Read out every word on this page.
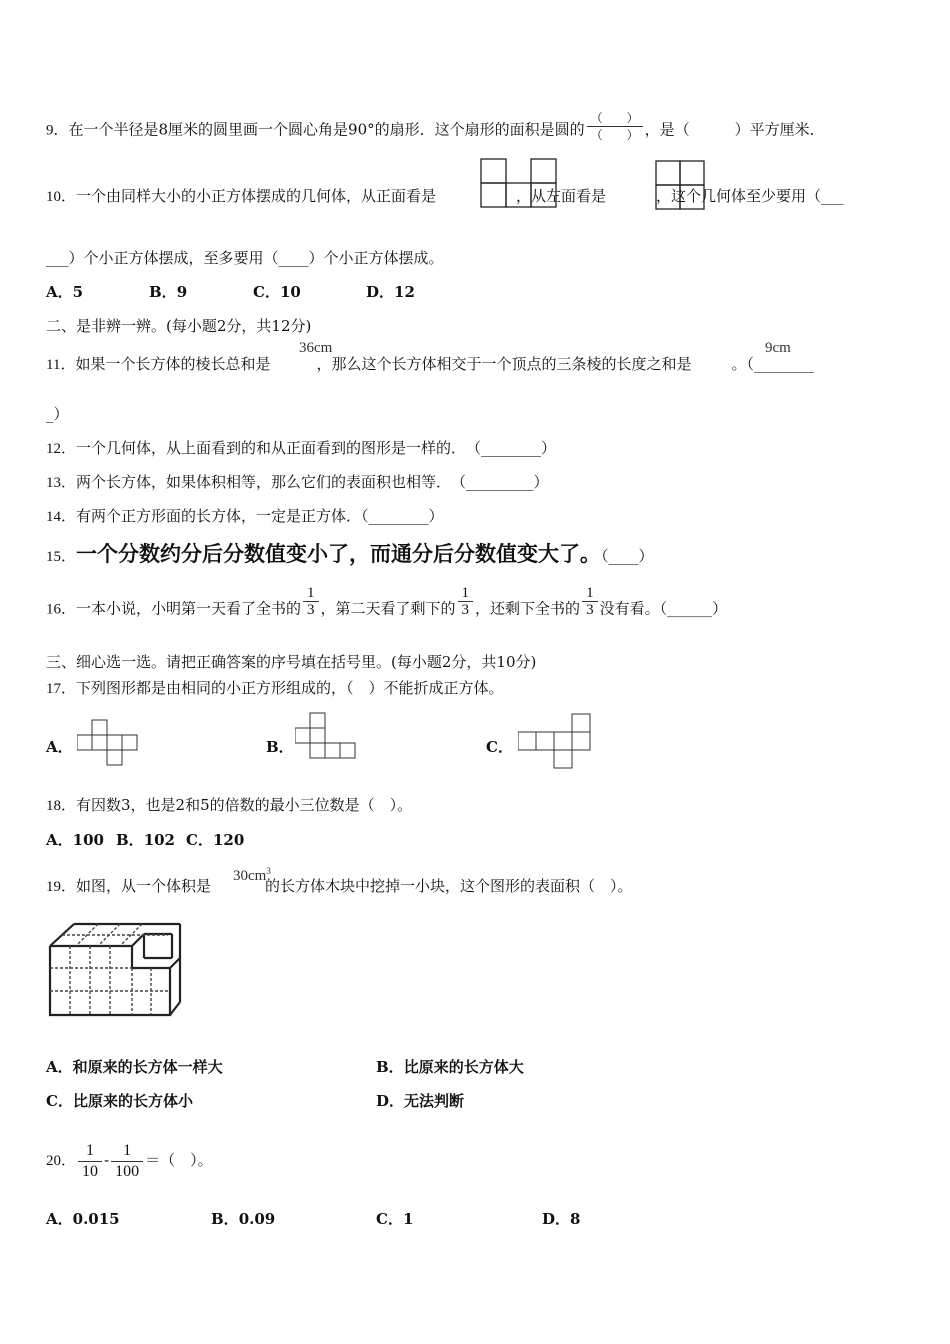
9．在一个半径是8厘米的圆里画一个圆心角是90°的扇形．这个扇形的面积是圆的 $\frac{( )}{( )}$ ，是（　　　）平方厘米．
10．一个由同样大小的小正方体摆成的几何体，从正面看是	，从左面看是	，这个几何体至少要用（___
___）个小正方体摆成，至多要用（____）个小正方体摆成。
A．5	B．9	C．10	D．12
二、是非辨一辨。(每小题2分，共12分)
11．如果一个长方体的棱长总和是	，那么这个长方体相交于一个顶点的三条棱的长度之和是	。（________
36cm	9cm
_）
12．一个几何体，从上面看到的和从正面看到的图形是一样的．　（________）
13．两个长方体，如果体积相等，那么它们的表面积也相等．　（_________）
14．有两个正方形面的长方体，一定是正方体．（________）
15．一个分数约分后分数值变小了，而通分后分数值变大了。（____）
16．一本小说，小明第一天看了全书的 $\frac{1}{3}$ ，第二天看了剩下的 $\frac{1}{3}$ ，还剩下全书的 $\frac{1}{3}$ 没有看。（______）
三、细心选一选。请把正确答案的序号填在括号里。(每小题2分，共10分)
17．下列图形都是由相同的小正方形组成的，（　）不能折成正方体。
A．	B．	C．
18．有因数3，也是2和5的倍数的最小三位数是（　）。
A．100 B．102 C．120
19．如图，从一个体积是	的长方体木块中挖掉一小块，这个图形的表面积（　）。
$30cm^3$
A．和原来的长方体一样大	B．比原来的长方体大
C．比原来的长方体小	D．无法判断
20． $\frac{1}{10} - \frac{1}{100}$ ＝（　）。
A．0.015	B．0.09	C．1	D．8
